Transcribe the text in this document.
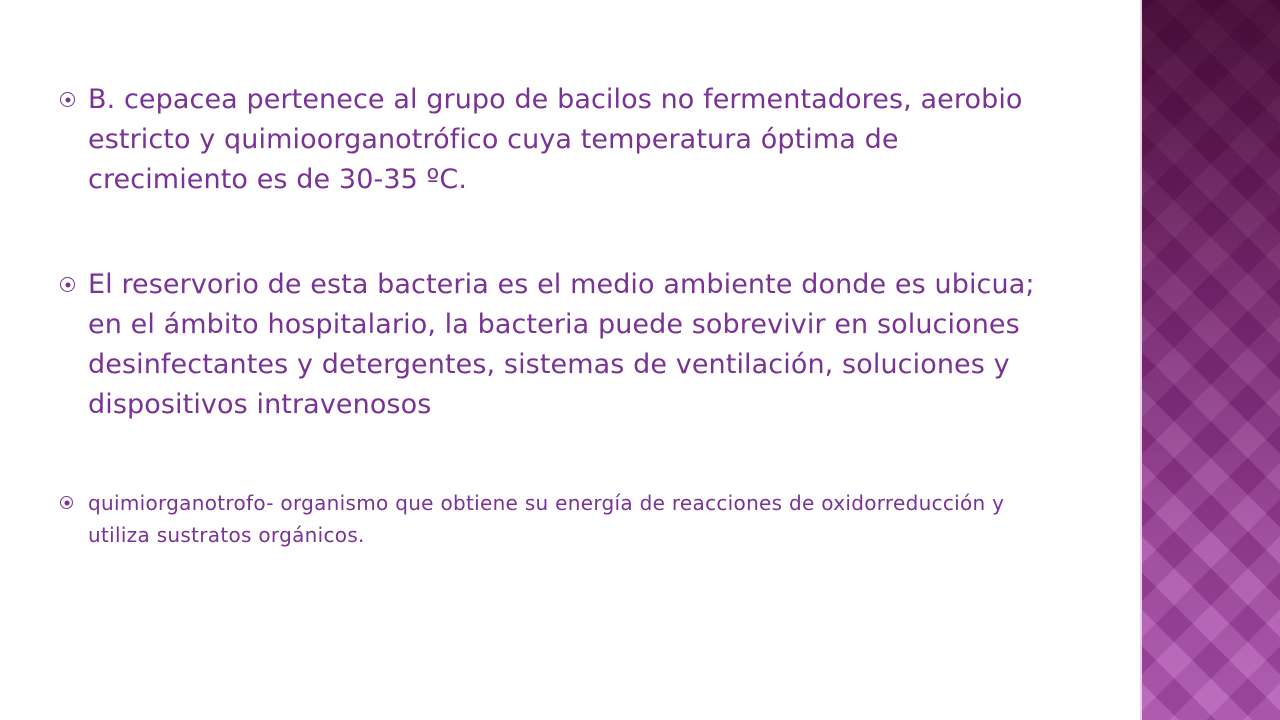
B. cepacea pertenece al grupo de bacilos no fermentadores, aerobio estricto y quimioorganotrófico cuya temperatura óptima de crecimiento es de 30-35 ºC.
El reservorio de esta bacteria es el medio ambiente donde es ubicua; en el ámbito hospitalario, la bacteria puede sobrevivir en soluciones desinfectantes y detergentes, sistemas de ventilación, soluciones y dispositivos intravenosos
quimiorganotrofo- organismo que obtiene su energía de reacciones de oxidorreducción y utiliza sustratos orgánicos.
